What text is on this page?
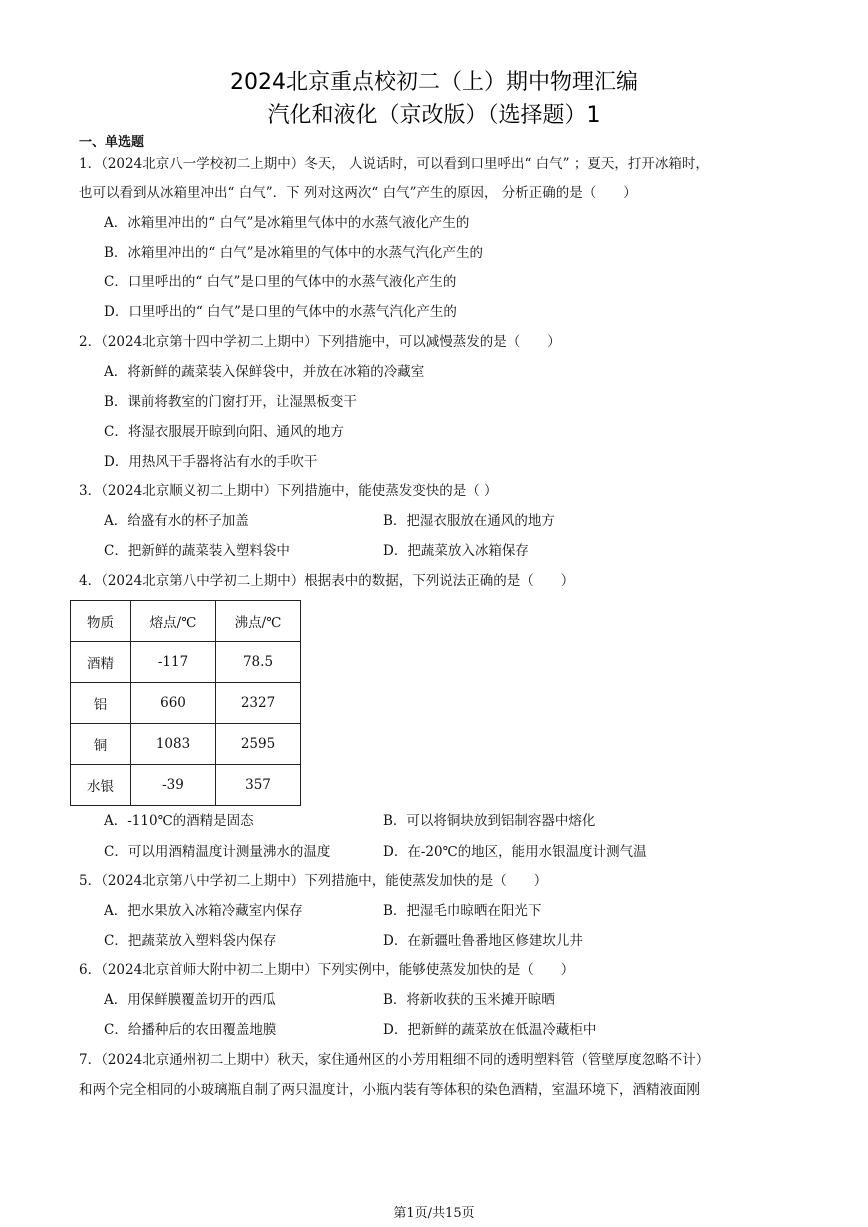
2024北京重点校初二（上）期中物理汇编
汽化和液化（京改版）（选择题）1
一、单选题
1．（2024北京八一学校初二上期中）冬天， 人说话时，可以看到口里呼出“ 白气” ；夏天，打开冰箱时，
也可以看到从冰箱里冲出“ 白气”．下 列对这两次“ 白气”产生的原因， 分析正确的是（　　）
A．冰箱里冲出的“ 白气”是冰箱里气体中的水蒸气液化产生的
B．冰箱里冲出的“ 白气”是冰箱里的气体中的水蒸气汽化产生的
C．口里呼出的“ 白气”是口里的气体中的水蒸气液化产生的
D．口里呼出的“ 白气”是口里的气体中的水蒸气汽化产生的
2．（2024北京第十四中学初二上期中）下列措施中，可以减慢蒸发的是（　　）
A．将新鲜的蔬菜装入保鲜袋中，并放在冰箱的冷藏室
B．课前将教室的门窗打开，让湿黑板变干
C．将湿衣服展开晾到向阳、通风的地方
D．用热风干手器将沾有水的手吹干
3．（2024北京顺义初二上期中）下列措施中，能使蒸发变快的是（ ）
A．给盛有水的杯子加盖	B．把湿衣服放在通风的地方
C．把新鲜的蔬菜装入塑料袋中	D．把蔬菜放入冰箱保存
4．（2024北京第八中学初二上期中）根据表中的数据，下列说法正确的是（　　）
物质	熔点/℃	沸点/℃
酒精	-117	78.5
铝	660	2327
铜	1083	2595
水银	-39	357
A．-110℃的酒精是固态	B．可以将铜块放到铝制容器中熔化
C．可以用酒精温度计测量沸水的温度	D．在-20℃的地区，能用水银温度计测气温
5．（2024北京第八中学初二上期中）下列措施中，能使蒸发加快的是（　　）
A．把水果放入冰箱冷藏室内保存	B．把湿毛巾晾晒在阳光下
C．把蔬菜放入塑料袋内保存	D．在新疆吐鲁番地区修建坎儿井
6．（2024北京首师大附中初二上期中）下列实例中，能够使蒸发加快的是（　　）
A．用保鲜膜覆盖切开的西瓜	B．将新收获的玉米摊开晾晒
C．给播种后的农田覆盖地膜	D．把新鲜的蔬菜放在低温冷藏柜中
7．（2024北京通州初二上期中）秋天，家住通州区的小芳用粗细不同的透明塑料管（管壁厚度忽略不计）
和两个完全相同的小玻璃瓶自制了两只温度计，小瓶内装有等体积的染色酒精，室温环境下，酒精液面刚
第1页/共15页
